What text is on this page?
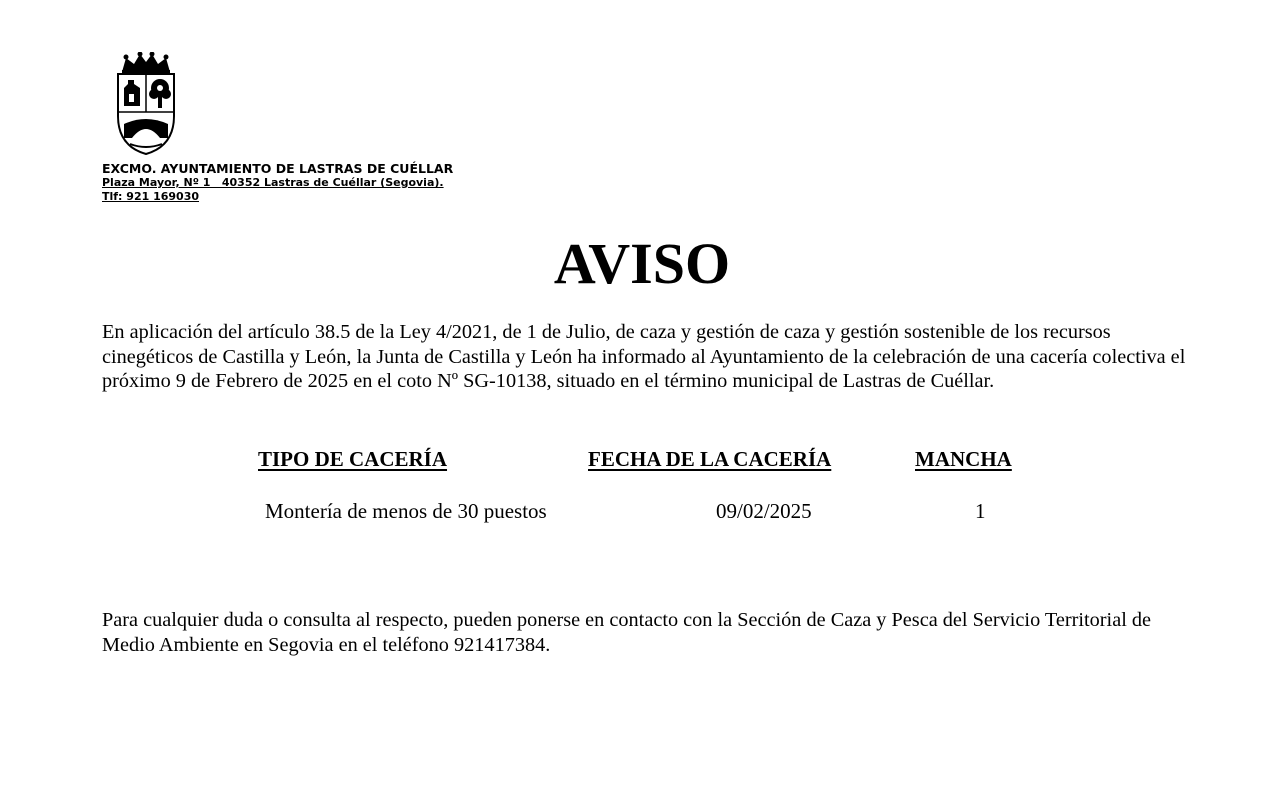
EXCMO. AYUNTAMIENTO DE LASTRAS DE CUÉLLAR
Plaza Mayor, Nº 1   40352 Lastras de Cuéllar (Segovia).
Tlf: 921 169030
AVISO

En aplicación del artículo 38.5 de la Ley 4/2021, de 1 de Julio, de caza y gestión de caza y gestión sostenible de los recursos cinegéticos de Castilla y León, la Junta de Castilla y León ha informado al Ayuntamiento de la celebración de una cacería colectiva el próximo 9 de Febrero de 2025 en el coto Nº SG-10138, situado en el término municipal de Lastras de Cuéllar.

TIPO DE CACERÍA	FECHA DE LA CACERÍA	MANCHA
Montería de menos de 30 puestos	09/02/2025	1

Para cualquier duda o consulta al respecto, pueden ponerse en contacto con la Sección de Caza y Pesca del Servicio Territorial de Medio Ambiente en Segovia en el teléfono 921417384.
